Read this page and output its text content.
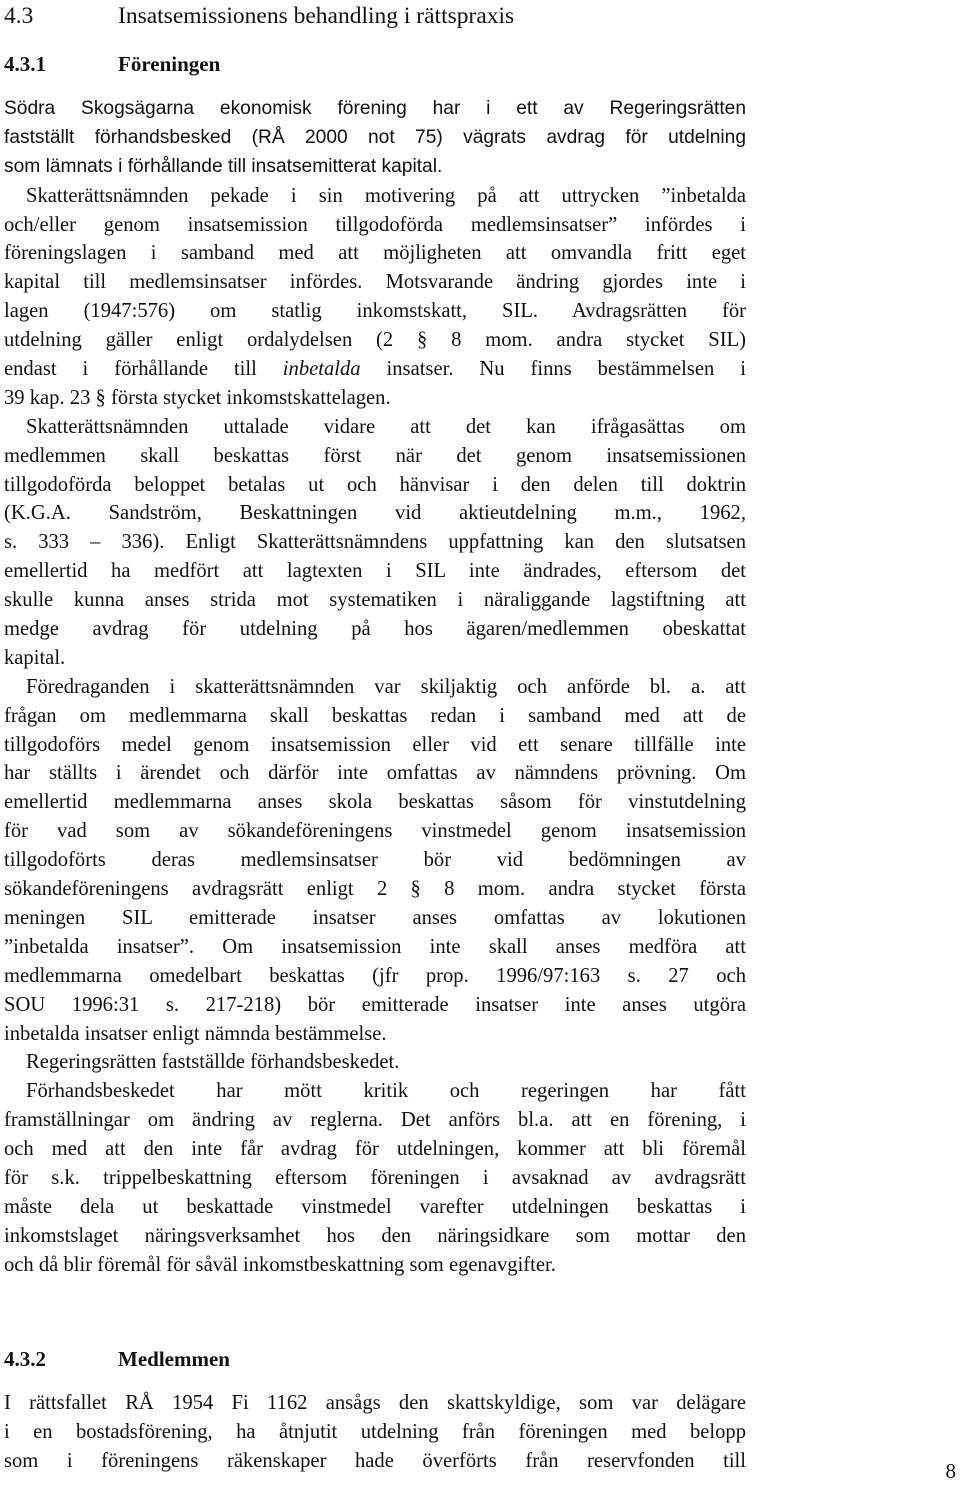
4.3	Insatsemissionens behandling i rättspraxis
4.3.1	Föreningen
Södra Skogsägarna ekonomisk förening har i ett av Regeringsrätten
fastställt förhandsbesked (RÅ 2000 not 75) vägrats avdrag för utdelning
som lämnats i förhållande till insatsemitterat kapital.
Skatterättsnämnden pekade i sin motivering på att uttrycken ”inbetalda
och/eller genom insatsemission tillgodoförda medlemsinsatser” infördes i
föreningslagen i samband med att möjligheten att omvandla fritt eget
kapital till medlemsinsatser infördes. Motsvarande ändring gjordes inte i
lagen (1947:576) om statlig inkomstskatt, SIL. Avdragsrätten för
utdelning gäller enligt ordalydelsen (2 § 8 mom. andra stycket SIL)
endast i förhållande till inbetalda insatser. Nu finns bestämmelsen i
39 kap. 23 § första stycket inkomstskattelagen.
Skatterättsnämnden uttalade vidare att det kan ifrågasättas om
medlemmen skall beskattas först när det genom insatsemissionen
tillgodoförda beloppet betalas ut och hänvisar i den delen till doktrin
(K.G.A. Sandström, Beskattningen vid aktieutdelning m.m., 1962,
s. 333 – 336). Enligt Skatterättsnämndens uppfattning kan den slutsatsen
emellertid ha medfört att lagtexten i SIL inte ändrades, eftersom det
skulle kunna anses strida mot systematiken i näraliggande lagstiftning att
medge avdrag för utdelning på hos ägaren/medlemmen obeskattat
kapital.
Föredraganden i skatterättsnämnden var skiljaktig och anförde bl. a. att
frågan om medlemmarna skall beskattas redan i samband med att de
tillgodoförs medel genom insatsemission eller vid ett senare tillfälle inte
har ställts i ärendet och därför inte omfattas av nämndens prövning. Om
emellertid medlemmarna anses skola beskattas såsom för vinstutdelning
för vad som av sökandeföreningens vinstmedel genom insatsemission
tillgodoförts deras medlemsinsatser bör vid bedömningen av
sökandeföreningens avdragsrätt enligt 2 § 8 mom. andra stycket första
meningen SIL emitterade insatser anses omfattas av lokutionen
”inbetalda insatser”. Om insatsemission inte skall anses medföra att
medlemmarna omedelbart beskattas (jfr prop. 1996/97:163 s. 27 och
SOU 1996:31 s. 217-218) bör emitterade insatser inte anses utgöra
inbetalda insatser enligt nämnda bestämmelse.
Regeringsrätten fastställde förhandsbeskedet.
Förhandsbeskedet har mött kritik och regeringen har fått
framställningar om ändring av reglerna. Det anförs bl.a. att en förening, i
och med att den inte får avdrag för utdelningen, kommer att bli föremål
för s.k. trippelbeskattning eftersom föreningen i avsaknad av avdragsrätt
måste dela ut beskattade vinstmedel varefter utdelningen beskattas i
inkomstslaget näringsverksamhet hos den näringsidkare som mottar den
och då blir föremål för såväl inkomstbeskattning som egenavgifter.
4.3.2	Medlemmen
I rättsfallet RÅ 1954 Fi 1162 ansågs den skattskyldige, som var delägare
i en bostadsförening, ha åtnjutit utdelning från föreningen med belopp
som i föreningens räkenskaper hade överförts från reservfonden till	8
